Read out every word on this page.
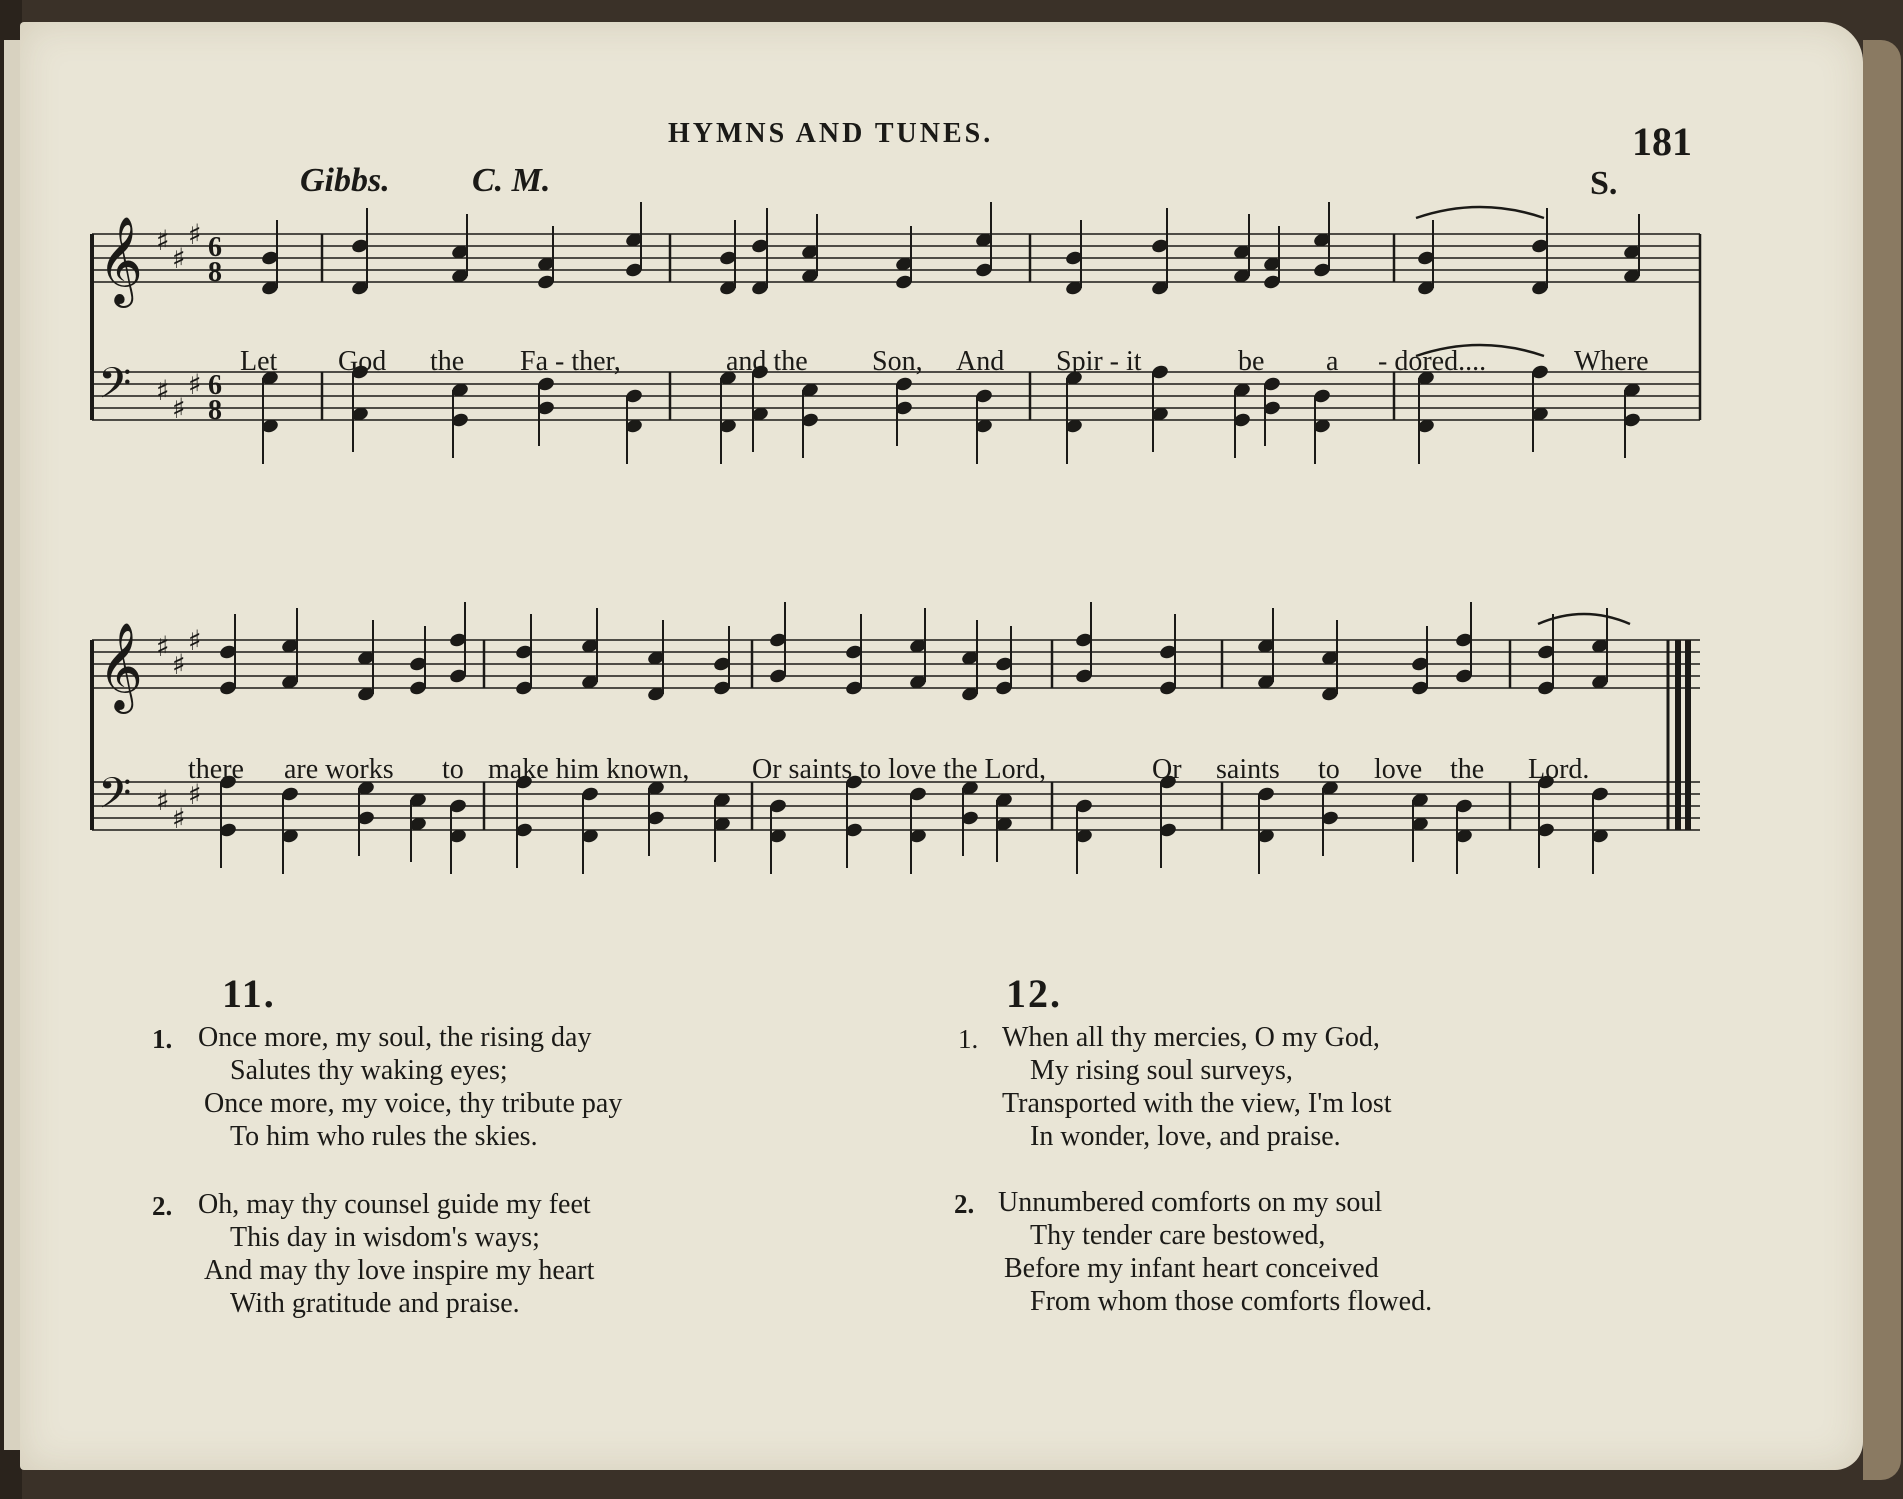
HYMNS AND TUNES.	181
Gibbs. C. M.	S.
𝄞 ♯
♯
♯ 6
8
𝄢 ♯
♯
♯ 6
8
𝄞 ♯
♯
♯
𝄢 ♯
♯
♯
Let God the Fa - ther,	and the Son, And Spir - it	be a - dored....	Where
there are works to make him known, Or saints to love the Lord,	Or saints to love the Lord.
11.
1. Once more, my soul, the rising day
Salutes thy waking eyes;
Once more, my voice, thy tribute pay
To him who rules the skies.
2. Oh, may thy counsel guide my feet
This day in wisdom's ways;
And may thy love inspire my heart
With gratitude and praise.
12.
1. When all thy mercies, O my God,
My rising soul surveys,
Transported with the view, I'm lost
In wonder, love, and praise.
2. Unnumbered comforts on my soul
Thy tender care bestowed,
Before my infant heart conceived
From whom those comforts flowed.
